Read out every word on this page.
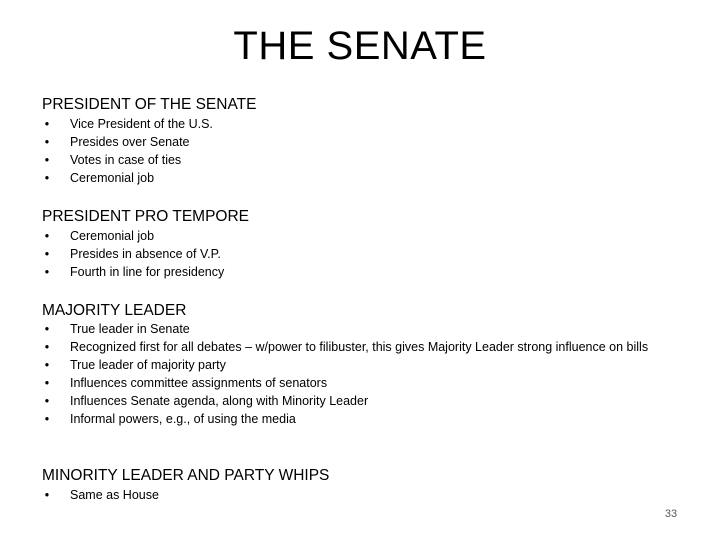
THE SENATE
PRESIDENT OF THE SENATE
• Vice President of the U.S.
• Presides over Senate
• Votes in case of ties
• Ceremonial job
PRESIDENT PRO TEMPORE
• Ceremonial job
• Presides in absence of V.P.
• Fourth in line for presidency
MAJORITY LEADER
• True leader in Senate
• Recognized first for all debates – w/power to filibuster, this gives Majority Leader strong influence on bills
• True leader of majority party
• Influences committee assignments of senators
• Influences Senate agenda, along with Minority Leader
• Informal powers, e.g., of using the media
MINORITY LEADER AND PARTY WHIPS
• Same as House
33
